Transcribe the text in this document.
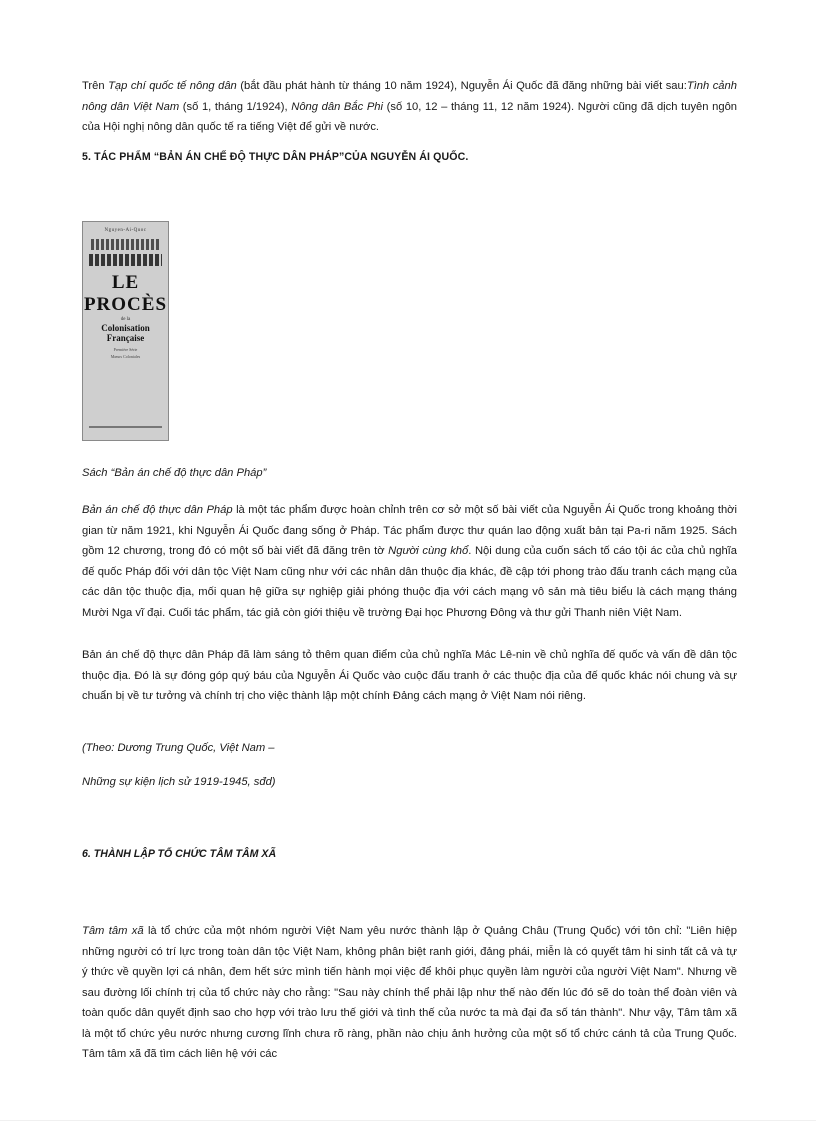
Trên Tạp chí quốc tế nông dân (bắt đầu phát hành từ tháng 10 năm 1924), Nguyễn Ái Quốc đã đăng những bài viết sau:Tình cảnh nông dân Việt Nam (số 1, tháng 1/1924), Nông dân Bắc Phi (số 10, 12 – tháng 11, 12 năm 1924). Người cũng đã dịch tuyên ngôn của Hội nghị nông dân quốc tế ra tiếng Việt để gửi về nước.

5. TÁC PHẨM “BẢN ÁN CHẾ ĐỘ THỰC DÂN PHÁP”CỦA NGUYỄN ÁI QUỐC.
Nguyen-Ai-Quoc
LE PROCÈS
de la
Colonisation Française
Première Série
Mœurs Coloniales

Sách “Bản án chế độ thực dân Pháp”

Bản án chế độ thực dân Pháp là một tác phẩm được hoàn chỉnh trên cơ sở một số bài viết của Nguyễn Ái Quốc trong khoảng thời gian từ năm 1921, khi Nguyễn Ái Quốc đang sống ở Pháp. Tác phẩm được thư quán lao động xuất bản tại Pa-ri năm 1925. Sách gồm 12 chương, trong đó có một số bài viết đã đăng trên tờ Người cùng khổ. Nội dung của cuốn sách tố cáo tội ác của chủ nghĩa đế quốc Pháp đối với dân tộc Việt Nam cũng như với các nhân dân thuộc địa khác, đề cập tới phong trào đấu tranh cách mạng của các dân tộc thuộc địa, mối quan hệ giữa sự nghiệp giải phóng thuộc địa với cách mạng vô sản mà tiêu biểu là cách mạng tháng Mười Nga vĩ đại. Cuối tác phẩm, tác giả còn giới thiệu về trường Đại học Phương Đông và thư gửi Thanh niên Việt Nam.

Bản án chế độ thực dân Pháp đã làm sáng tỏ thêm quan điểm của chủ nghĩa Mác Lê-nin về chủ nghĩa đế quốc và vấn đề dân tộc thuộc địa. Đó là sự đóng góp quý báu của Nguyễn Ái Quốc vào cuộc đấu tranh ở các thuộc địa của đế quốc khác nói chung và sự chuẩn bị về tư tưởng và chính trị cho việc thành lập một chính Đảng cách mạng ở Việt Nam nói riêng.

(Theo: Dương Trung Quốc, Việt Nam –

Những sự kiện lịch sử 1919-1945, sđd)

6. THÀNH LẬP TỔ CHỨC TÂM TÂM XÃ

Tâm tâm xã là tổ chức của một nhóm người Việt Nam yêu nước thành lập ở Quảng Châu (Trung Quốc) với tôn chỉ: "Liên hiệp những người có trí lực trong toàn dân tộc Việt Nam, không phân biệt ranh giới, đảng phái, miễn là có quyết tâm hi sinh tất cả và tự ý thức về quyền lợi cá nhân, đem hết sức mình tiến hành mọi việc để khôi phục quyền làm người của người Việt Nam". Nhưng về sau đường lối chính trị của tổ chức này cho rằng: "Sau này chính thể phải lập như thế nào đến lúc đó sẽ do toàn thể đoàn viên và toàn quốc dân quyết định sao cho hợp với trào lưu thế giới và tình thế của nước ta mà đại đa số tán thành". Như vậy, Tâm tâm xã là một tổ chức yêu nước nhưng cương lĩnh chưa rõ ràng, phần nào chịu ảnh hưởng của một số tổ chức cánh tả của Trung Quốc. Tâm tâm xã đã tìm cách liên hệ với các
